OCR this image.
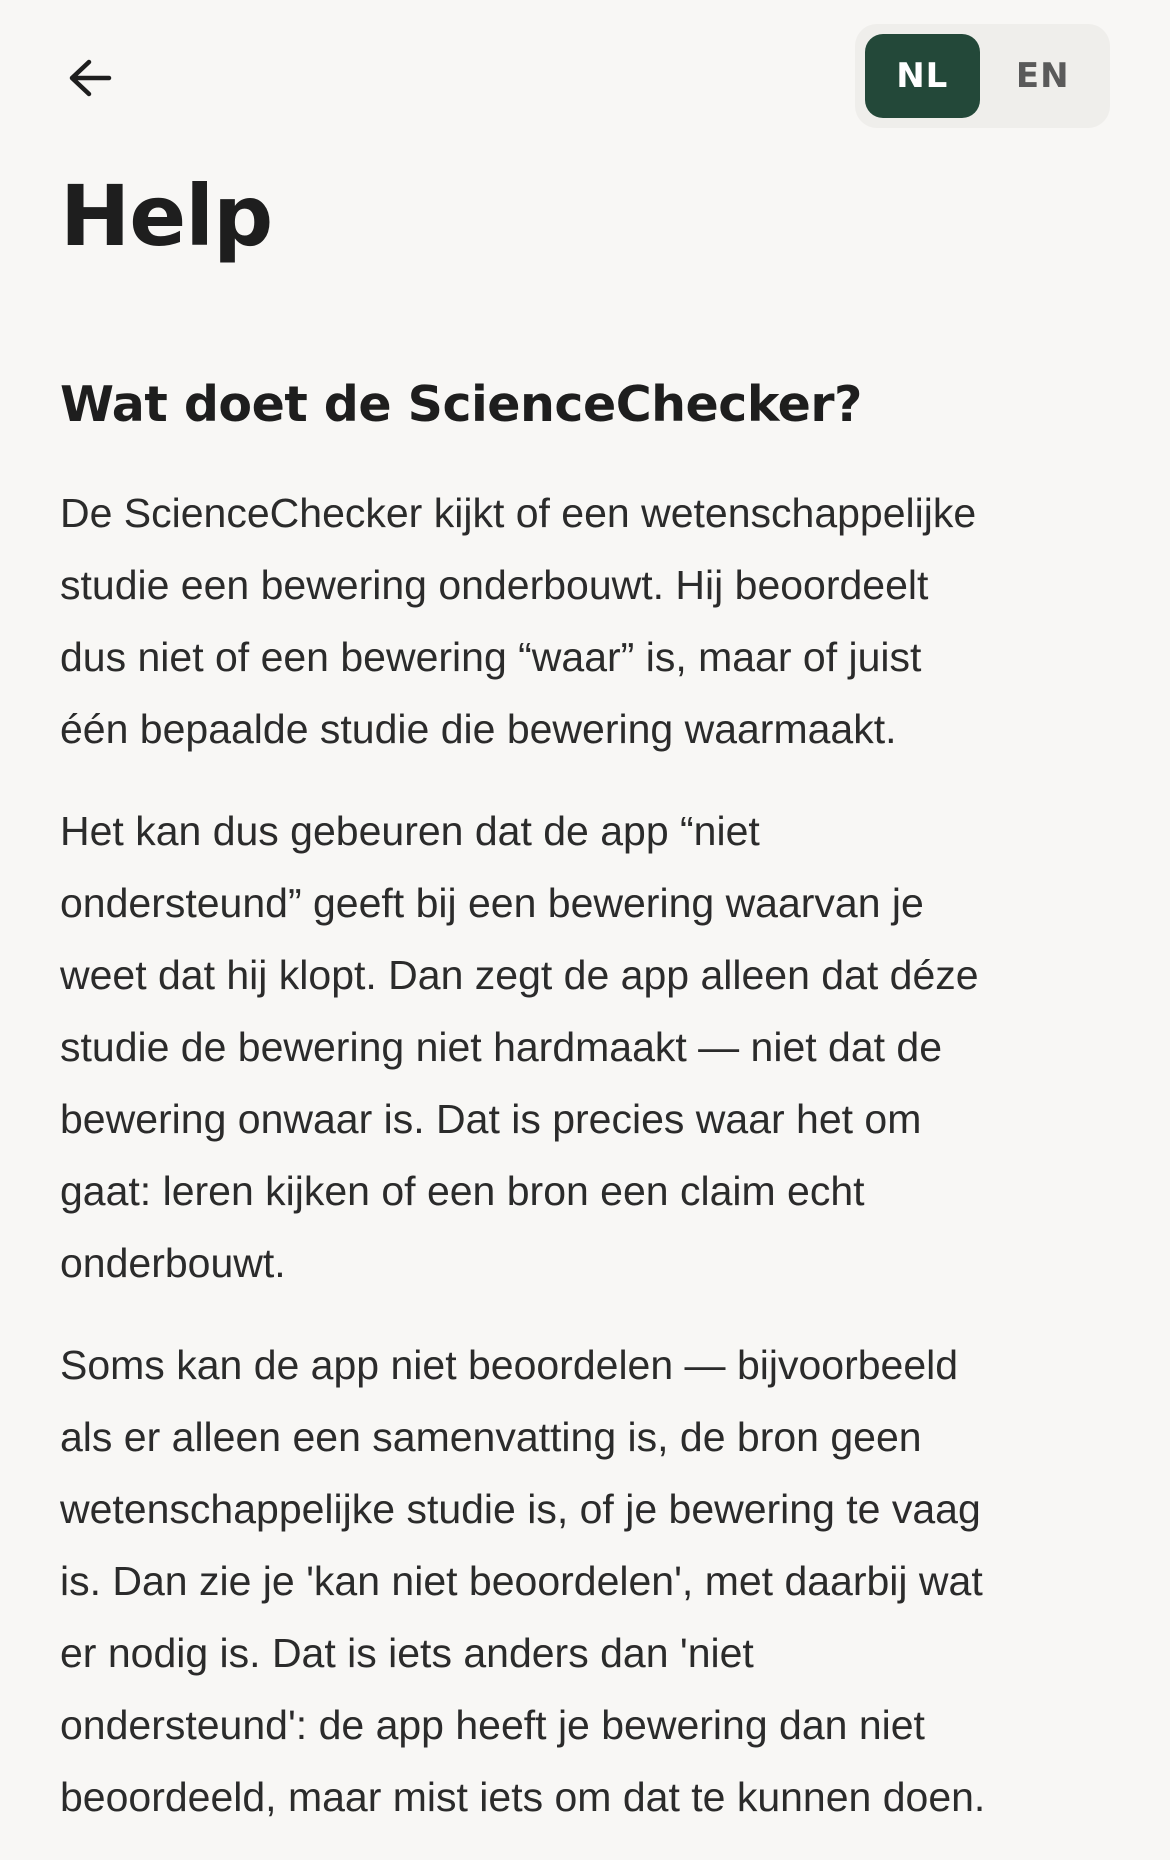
NL	EN
Help
Wat doet de ScienceChecker?

De ScienceChecker kijkt of een wetenschappelijke
studie een bewering onderbouwt. Hij beoordeelt
dus niet of een bewering “waar” is, maar of juist
één bepaalde studie die bewering waarmaakt.

Het kan dus gebeuren dat de app “niet
ondersteund” geeft bij een bewering waarvan je
weet dat hij klopt. Dan zegt de app alleen dat déze
studie de bewering niet hardmaakt — niet dat de
bewering onwaar is. Dat is precies waar het om
gaat: leren kijken of een bron een claim echt
onderbouwt.

Soms kan de app niet beoordelen — bijvoorbeeld
als er alleen een samenvatting is, de bron geen
wetenschappelijke studie is, of je bewering te vaag
is. Dan zie je 'kan niet beoordelen', met daarbij wat
er nodig is. Dat is iets anders dan 'niet
ondersteund': de app heeft je bewering dan niet
beoordeeld, maar mist iets om dat te kunnen doen.
